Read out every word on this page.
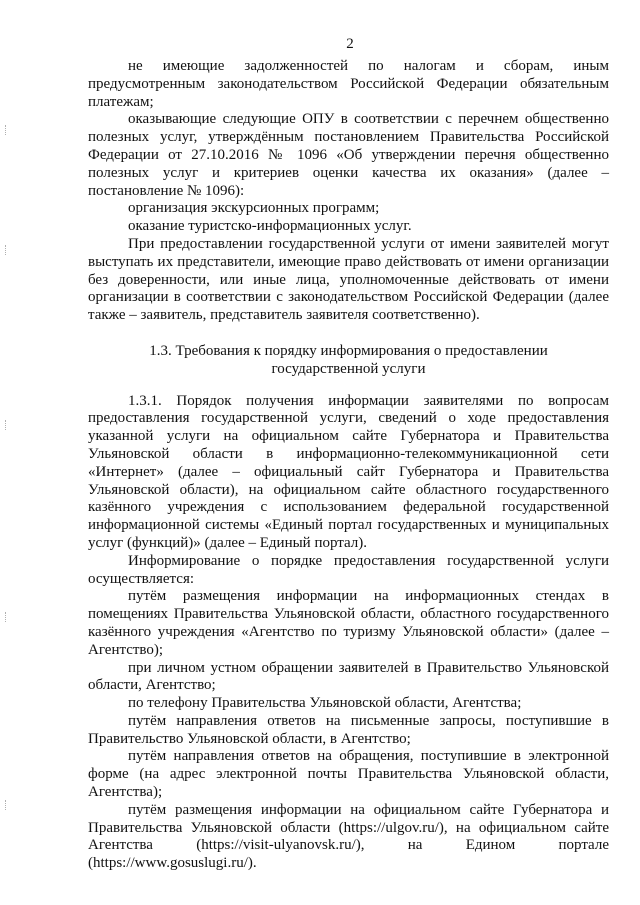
2

не имеющие задолженностей по налогам и сборам, иным предусмотренным законодательством Российской Федерации обязательным платежам;

оказывающие следующие ОПУ в соответствии с перечнем общественно полезных услуг, утверждённым постановлением Правительства Российской Федерации от 27.10.2016 № 1096 «Об утверждении перечня общественно полезных услуг и критериев оценки качества их оказания» (далее – постановление № 1096):

организация экскурсионных программ;

оказание туристско-информационных услуг.

При предоставлении государственной услуги от имени заявителей могут выступать их представители, имеющие право действовать от имени организации без доверенности, или иные лица, уполномоченные действовать от имени организации в соответствии с законодательством Российской Федерации (далее также – заявитель, представитель заявителя соответственно).

1.3. Требования к порядку информирования о предоставлении государственной услуги

1.3.1. Порядок получения информации заявителями по вопросам предоставления государственной услуги, сведений о ходе предоставления указанной услуги на официальном сайте Губернатора и Правительства Ульяновской области в информационно-телекоммуникационной сети «Интернет» (далее – официальный сайт Губернатора и Правительства Ульяновской области), на официальном сайте областного государственного казённого учреждения с использованием федеральной государственной информационной системы «Единый портал государственных и муниципальных услуг (функций)» (далее – Единый портал).

Информирование о порядке предоставления государственной услуги осуществляется:

путём размещения информации на информационных стендах в помещениях Правительства Ульяновской области, областного государственного казённого учреждения «Агентство по туризму Ульяновской области» (далее – Агентство);

при личном устном обращении заявителей в Правительство Ульяновской области, Агентство;

по телефону Правительства Ульяновской области, Агентства;

путём направления ответов на письменные запросы, поступившие в Правительство Ульяновской области, в Агентство;

путём направления ответов на обращения, поступившие в электронной форме (на адрес электронной почты Правительства Ульяновской области, Агентства);

путём размещения информации на официальном сайте Губернатора и Правительства Ульяновской области (https://ulgov.ru/), на официальном сайте Агентства (https://visit-ulyanovsk.ru/), на Едином портале (https://www.gosuslugi.ru/).
